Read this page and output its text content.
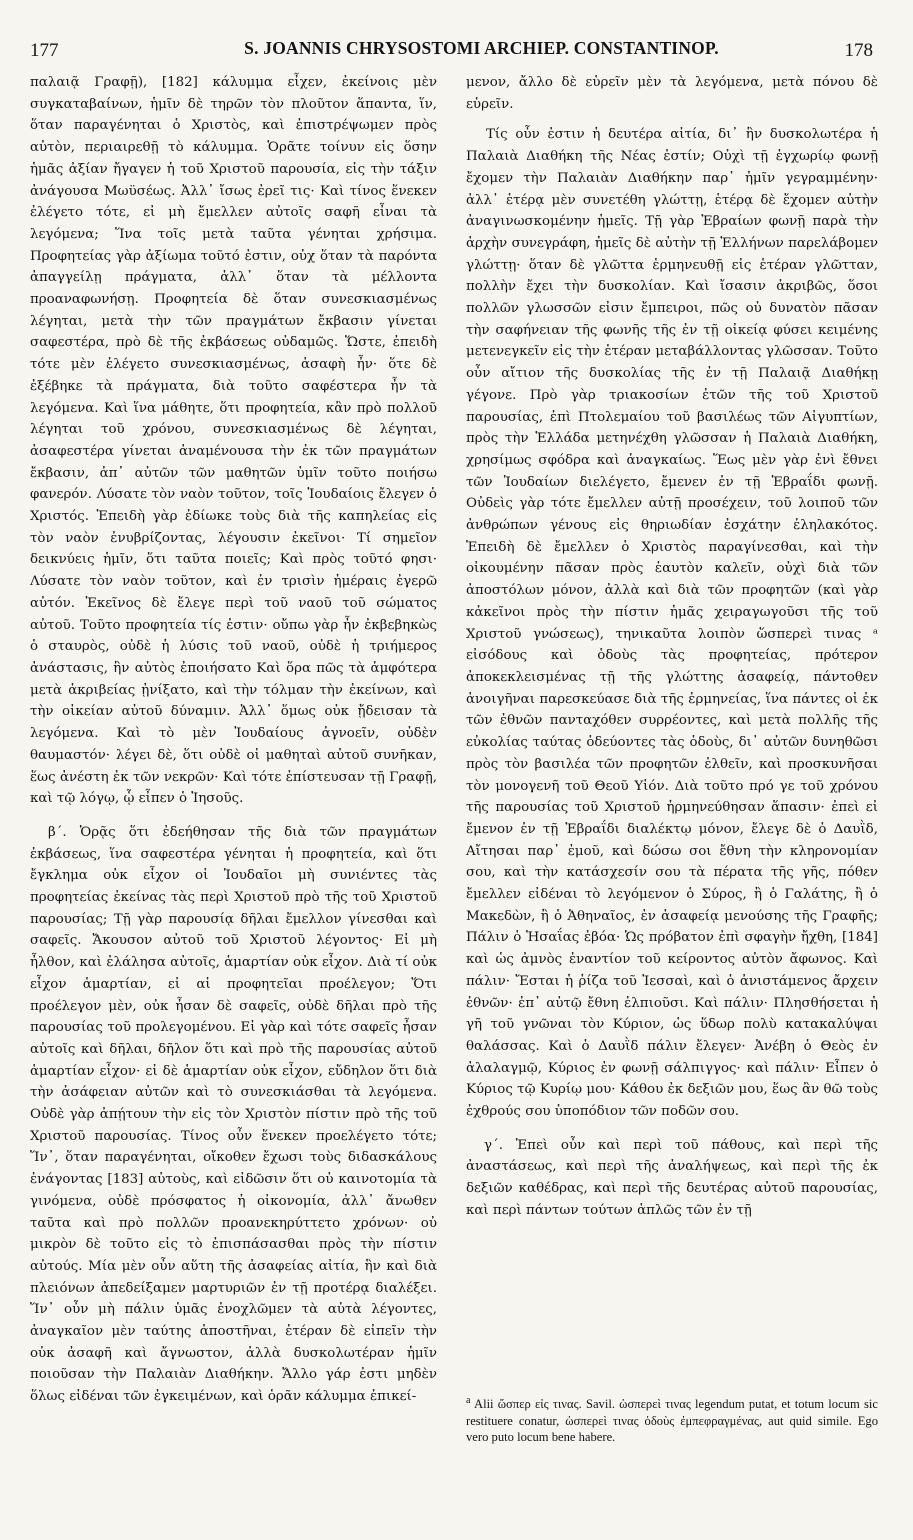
177	S. JOANNIS CHRYSOSTOMI ARCHIEP. CONSTANTINOP.	178

παλαιᾷ Γραφῇ), [182] κάλυμμα εἶχεν, ἐκείνοις μὲν συγκαταβαίνων, ἡμῖν δὲ τηρῶν τὸν πλοῦτον ἅπαντα, ἵν, ὅταν παραγένηται ὁ Χριστὸς, καὶ ἐπιστρέψωμεν πρὸς αὐτὸν, περιαιρεθῇ τὸ κάλυμμα. Ὁρᾶτε τοίνυν εἰς ὅσην ἡμᾶς ἀξίαν ἤγαγεν ἡ τοῦ Χριστοῦ παρουσία, εἰς τὴν τάξιν ἀνάγουσα Μωϋσέως. Ἀλλ᾽ ἴσως ἐρεῖ τις· Καὶ τίνος ἕνεκεν ἐλέγετο τότε, εἰ μὴ ἔμελλεν αὐτοῖς σαφῆ εἶναι τὰ λεγόμενα; Ἵνα τοῖς μετὰ ταῦτα γένηται χρήσιμα. Προφητείας γὰρ ἀξίωμα τοῦτό ἐστιν, οὐχ ὅταν τὰ παρόντα ἀπαγγείλῃ πράγματα, ἀλλ᾽ ὅταν τὰ μέλλοντα προαναφωνήσῃ. Προφητεία δὲ ὅταν συνεσκιασμένως λέγηται, μετὰ τὴν τῶν πραγμάτων ἔκβασιν γίνεται σαφεστέρα, πρὸ δὲ τῆς ἐκβάσεως οὐδαμῶς. Ὥστε, ἐπειδὴ τότε μὲν ἐλέγετο συνεσκιασμένως, ἀσαφὴ ἦν· ὅτε δὲ ἐξέβηκε τὰ πράγματα, διὰ τοῦτο σαφέστερα ἦν τὰ λεγόμενα. Καὶ ἵνα μάθητε, ὅτι προφητεία, κἂν πρὸ πολλοῦ λέγηται τοῦ χρόνου, συνεσκιασμένως δὲ λέγηται, ἀσαφεστέρα γίνεται ἀναμένουσα τὴν ἐκ τῶν πραγμάτων ἔκβασιν, ἀπ᾽ αὐτῶν τῶν μαθητῶν ὑμῖν τοῦτο ποιήσω φανερόν. Λύσατε τὸν ναὸν τοῦτον, τοῖς Ἰουδαίοις ἔλεγεν ὁ Χριστός. Ἐπειδὴ γὰρ ἐδίωκε τοὺς διὰ τῆς καπηλείας εἰς τὸν ναὸν ἐνυβρίζοντας, λέγουσιν ἐκεῖνοι· Τί σημεῖον δεικνύεις ἡμῖν, ὅτι ταῦτα ποιεῖς; Καὶ πρὸς τοῦτό φησι· Λύσατε τὸν ναὸν τοῦτον, καὶ ἐν τρισὶν ἡμέραις ἐγερῶ αὐτόν. Ἐκεῖνος δὲ ἔλεγε περὶ τοῦ ναοῦ τοῦ σώματος αὐτοῦ. Τοῦτο προφητεία τίς ἐστιν· οὔπω γὰρ ἦν ἐκβεβηκὼς ὁ σταυρὸς, οὐδὲ ἡ λύσις τοῦ ναοῦ, οὐδὲ ἡ τριήμερος ἀνάστασις, ἣν αὐτὸς ἐποιήσατο Καὶ ὅρα πῶς τὰ ἀμφότερα μετὰ ἀκριβείας ᾐνίξατο, καὶ τὴν τόλμαν τὴν ἐκείνων, καὶ τὴν οἰκείαν αὐτοῦ δύναμιν. Ἀλλ᾽ ὅμως οὐκ ᾔδεισαν τὰ λεγόμενα. Καὶ τὸ μὲν Ἰουδαίους ἀγνοεῖν, οὐδὲν θαυμαστόν· λέγει δὲ, ὅτι οὐδὲ οἱ μαθηταὶ αὐτοῦ συνῆκαν, ἕως ἀνέστη ἐκ τῶν νεκρῶν· Καὶ τότε ἐπίστευσαν τῇ Γραφῇ, καὶ τῷ λόγῳ, ᾧ εἶπεν ὁ Ἰησοῦς.

β΄. Ὁρᾷς ὅτι ἐδεήθησαν τῆς διὰ τῶν πραγμάτων ἐκβάσεως, ἵνα σαφεστέρα γένηται ἡ προφητεία, καὶ ὅτι ἔγκλημα οὐκ εἶχον οἱ Ἰουδαῖοι μὴ συνιέντες τὰς προφητείας ἐκείνας τὰς περὶ Χριστοῦ πρὸ τῆς τοῦ Χριστοῦ παρουσίας; Τῇ γὰρ παρουσίᾳ δῆλαι ἔμελλον γίνεσθαι καὶ σαφεῖς. Ἄκουσον αὐτοῦ τοῦ Χριστοῦ λέγοντος· Εἰ μὴ ἦλθον, καὶ ἐλάλησα αὐτοῖς, ἁμαρτίαν οὐκ εἶχον. Διὰ τί οὐκ εἶχον ἁμαρτίαν, εἰ αἱ προφητεῖαι προέλεγον; Ὅτι προέλεγον μὲν, οὐκ ἦσαν δὲ σαφεῖς, οὐδὲ δῆλαι πρὸ τῆς παρουσίας τοῦ προλεγομένου. Εἰ γὰρ καὶ τότε σαφεῖς ἦσαν αὐτοῖς καὶ δῆλαι, δῆλον ὅτι καὶ πρὸ τῆς παρουσίας αὐτοῦ ἁμαρτίαν εἶχον· εἰ δὲ ἁμαρτίαν οὐκ εἶχον, εὔδηλον ὅτι διὰ τὴν ἀσάφειαν αὐτῶν καὶ τὸ συνεσκιάσθαι τὰ λεγόμενα. Οὐδὲ γὰρ ἀπῄτουν τὴν εἰς τὸν Χριστὸν πίστιν πρὸ τῆς τοῦ Χριστοῦ παρουσίας. Τίνος οὖν ἕνεκεν προελέγετο τότε; Ἵν᾽, ὅταν παραγένηται, οἴκοθεν ἔχωσι τοὺς διδασκάλους ἐνάγοντας [183] αὐτοὺς, καὶ εἰδῶσιν ὅτι οὐ καινοτομία τὰ γινόμενα, οὐδὲ πρόσφατος ἡ οἰκονομία, ἀλλ᾽ ἄνωθεν ταῦτα καὶ πρὸ πολλῶν προανεκηρύττετο χρόνων· οὐ μικρὸν δὲ τοῦτο εἰς τὸ ἐπισπάσασθαι πρὸς τὴν πίστιν αὐτούς. Μία μὲν οὖν αὕτη τῆς ἀσαφείας αἰτία, ἣν καὶ διὰ πλειόνων ἀπεδείξαμεν μαρτυριῶν ἐν τῇ προτέρᾳ διαλέξει. Ἵν᾽ οὖν μὴ πάλιν ὑμᾶς ἐνοχλῶμεν τὰ αὐτὰ λέγοντες, ἀναγκαῖον μὲν ταύτης ἀποστῆναι, ἑτέραν δὲ εἰπεῖν τὴν οὐκ ἀσαφῆ καὶ ἄγνωστον, ἀλλὰ δυσκολωτέραν ἡμῖν ποιοῦσαν τὴν Παλαιὰν Διαθήκην. Ἄλλο γάρ ἐστι μηδὲν ὅλως εἰδέναι τῶν ἐγκειμένων, καὶ ὁρᾶν κάλυμμα ἐπικεί-

μενον, ἄλλο δὲ εὑρεῖν μὲν τὰ λεγόμενα, μετὰ πόνου δὲ εὑρεῖν.

Τίς οὖν ἐστιν ἡ δευτέρα αἰτία, δι᾽ ἣν δυσκολωτέρα ἡ Παλαιὰ Διαθήκη τῆς Νέας ἐστίν; Οὐχὶ τῇ ἐγχωρίῳ φωνῇ ἔχομεν τὴν Παλαιὰν Διαθήκην παρ᾽ ἡμῖν γεγραμμένην· ἀλλ᾽ ἑτέρᾳ μὲν συνετέθη γλώττῃ, ἑτέρᾳ δὲ ἔχομεν αὐτὴν ἀναγινωσκομένην ἡμεῖς. Τῇ γὰρ Ἑβραίων φωνῇ παρὰ τὴν ἀρχὴν συνεγράφη, ἡμεῖς δὲ αὐτὴν τῇ Ἑλλήνων παρελάβομεν γλώττῃ· ὅταν δὲ γλῶττα ἑρμηνευθῇ εἰς ἑτέραν γλῶτταν, πολλὴν ἔχει τὴν δυσκολίαν. Καὶ ἴσασιν ἀκριβῶς, ὅσοι πολλῶν γλωσσῶν εἰσιν ἔμπειροι, πῶς οὐ δυνατὸν πᾶσαν τὴν σαφήνειαν τῆς φωνῆς τῆς ἐν τῇ οἰκείᾳ φύσει κειμένης μετενεγκεῖν εἰς τὴν ἑτέραν μεταβάλλοντας γλῶσσαν. Τοῦτο οὖν αἴτιον τῆς δυσκολίας τῆς ἐν τῇ Παλαιᾷ Διαθήκῃ γέγονε. Πρὸ γὰρ τριακοσίων ἐτῶν τῆς τοῦ Χριστοῦ παρουσίας, ἐπὶ Πτολεμαίου τοῦ βασιλέως τῶν Αἰγυπτίων, πρὸς τὴν Ἑλλάδα μετηνέχθη γλῶσσαν ἡ Παλαιὰ Διαθήκη, χρησίμως σφόδρα καὶ ἀναγκαίως. Ἕως μὲν γὰρ ἐνὶ ἔθνει τῶν Ἰουδαίων διελέγετο, ἔμενεν ἐν τῇ Ἑβραΐδι φωνῇ. Οὐδεὶς γὰρ τότε ἔμελλεν αὐτῇ προσέχειν, τοῦ λοιποῦ τῶν ἀνθρώπων γένους εἰς θηριωδίαν ἐσχάτην ἐληλακότος. Ἐπειδὴ δὲ ἔμελλεν ὁ Χριστὸς παραγίνεσθαι, καὶ τὴν οἰκουμένην πᾶσαν πρὸς ἑαυτὸν καλεῖν, οὐχὶ διὰ τῶν ἀποστόλων μόνον, ἀλλὰ καὶ διὰ τῶν προφητῶν (καὶ γὰρ κἀκεῖνοι πρὸς τὴν πίστιν ἡμᾶς χειραγωγοῦσι τῆς τοῦ Χριστοῦ γνώσεως), τηνικαῦτα λοιπὸν ὥσπερεὶ τινας ᵃ εἰσόδους καὶ ὁδοὺς τὰς προφητείας, πρότερον ἀποκεκλεισμένας τῇ τῆς γλώττης ἀσαφείᾳ, πάντοθεν ἀνοιγῆναι παρεσκεύασε διὰ τῆς ἑρμηνείας, ἵνα πάντες οἱ ἐκ τῶν ἐθνῶν πανταχόθεν συρρέοντες, καὶ μετὰ πολλῆς τῆς εὐκολίας ταύτας ὁδεύοντες τὰς ὁδοὺς, δι᾽ αὐτῶν δυνηθῶσι πρὸς τὸν βασιλέα τῶν προφητῶν ἐλθεῖν, καὶ προσκυνῆσαι τὸν μονογενῆ τοῦ Θεοῦ Υἱόν. Διὰ τοῦτο πρό γε τοῦ χρόνου τῆς παρουσίας τοῦ Χριστοῦ ἡρμηνεύθησαν ἅπασιν· ἐπεὶ εἰ ἔμενον ἐν τῇ Ἑβραΐδι διαλέκτῳ μόνον, ἔλεγε δὲ ὁ Δαυῒδ, Αἴτησαι παρ᾽ ἐμοῦ, καὶ δώσω σοι ἔθνη τὴν κληρονομίαν σου, καὶ τὴν κατάσχεσίν σου τὰ πέρατα τῆς γῆς, πόθεν ἔμελλεν εἰδέναι τὸ λεγόμενον ὁ Σύρος, ἢ ὁ Γαλάτης, ἢ ὁ Μακεδὼν, ἢ ὁ Ἀθηναῖος, ἐν ἀσαφείᾳ μενούσης τῆς Γραφῆς; Πάλιν ὁ Ἡσαΐας ἐβόα· Ὡς πρόβατον ἐπὶ σφαγὴν ἤχθη, [184] καὶ ὡς ἀμνὸς ἐναντίον τοῦ κείροντος αὐτὸν ἄφωνος. Καὶ πάλιν· Ἔσται ἡ ῥίζα τοῦ Ἰεσσαὶ, καὶ ὁ ἀνιστάμενος ἄρχειν ἐθνῶν· ἐπ᾽ αὐτῷ ἔθνη ἐλπιοῦσι. Καὶ πάλιν· Πλησθήσεται ἡ γῆ τοῦ γνῶναι τὸν Κύριον, ὡς ὕδωρ πολὺ κατακαλύψαι θαλάσσας. Καὶ ὁ Δαυῒδ πάλιν ἔλεγεν· Ἀνέβη ὁ Θεὸς ἐν ἀλαλαγμῷ, Κύριος ἐν φωνῇ σάλπιγγος· καὶ πάλιν· Εἶπεν ὁ Κύριος τῷ Κυρίῳ μου· Κάθου ἐκ δεξιῶν μου, ἕως ἂν θῶ τοὺς ἐχθρούς σου ὑποπόδιον τῶν ποδῶν σου.

γ΄. Ἐπεὶ οὖν καὶ περὶ τοῦ πάθους, καὶ περὶ τῆς ἀναστάσεως, καὶ περὶ τῆς ἀναλήψεως, καὶ περὶ τῆς ἐκ δεξιῶν καθέδρας, καὶ περὶ τῆς δευτέρας αὐτοῦ παρουσίας, καὶ περὶ πάντων τούτων ἁπλῶς τῶν ἐν τῇ

$^a$ Alii ὥσπερ εἰς τινας. Savil. ὡσπερεὶ τινας legendum putat, et totum locum sic restituere conatur, ὡσπερεὶ τινας ὁδοὺς ἐμπεφραγμένας, aut quid simile. Ego vero puto locum bene habere.
